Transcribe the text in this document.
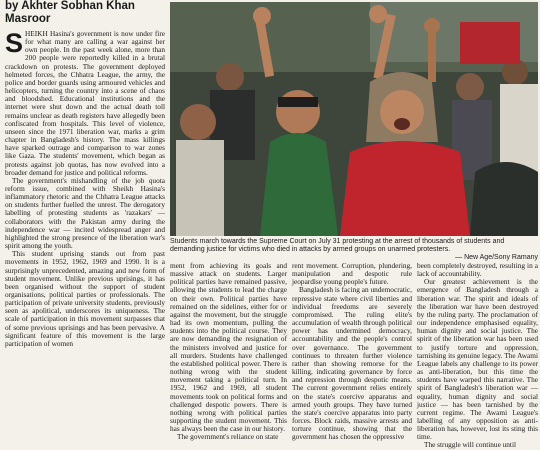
by Akhter Sobhan Khan Masroor

SHEIKH Hasina's government is now under fire for what many are calling a war against her own people. In the past week alone, more than 200 people were reportedly killed in a brutal crackdown on protests. The government deployed helmeted forces, the Chhatra League, the army, the police and border guards using armoured vehicles and helicopters, turning the country into a scene of chaos and bloodshed. Educational institutions and the internet were shut down and the actual death toll remains unclear as death registers have allegedly been confiscated from hospitals. This level of violence, unseen since the 1971 liberation war, marks a grim chapter in Bangladesh's history. The mass killings have sparked outrage and comparison to war zones like Gaza. The students' movement, which began as protests against job quotas, has now evolved into a broader demand for justice and political reforms.

The government's mishandling of the job quota reform issue, combined with Sheikh Hasina's inflammatory rhetoric and the Chhatra League attacks on students further fuelled the unrest. The derogatory labelling of protesting students as 'razakars' — collaborators with the Pakistan army during the independence war — incited widespread anger and highlighted the strong presence of the liberation war's spirit among the youth.

This student uprising stands out from past movements in 1952, 1962, 1969 and 1990. It is a surprisingly unprecedented, amazing and new form of student movement. Unlike previous uprisings, it has been organised without the support of student organisations, political parties or professionals. The participation of private university students, previously seen as apolitical, underscores its uniqueness. The scale of participation in this movement surpasses that of some previous uprisings and has been pervasive. A significant feature of this movement is the large participation of women

Students march towards the Supreme Court on July 31 protesting at the arrest of thousands of students and demanding justice for victims who died in attacks by armed groups on unarmed protesters.
— New Age/Sony Ramany

ment from achieving its goals and massive attack on students. Larger political parties have remained passive, allowing the students to lead the charge on their own. Political parties have remained on the sidelines, either for or against the movement, but the struggle had its own momentum, pulling the students into the political course. They are now demanding the resignation of the ministers involved and justice for all murders. Students have challenged the established political power. There is nothing wrong with the student movement taking a political turn. In 1952, 1962 and 1969, all student movements took on political forms and challenged despotic powers. There is nothing wrong with political parties supporting the student movement. This has always been the case in our history.

The government's reliance on state

rent movement. Corruption, plundering, manipulation and despotic rule jeopardise young people's future.

Bangladesh is facing an undemocratic, repressive state where civil liberties and individual freedoms are severely compromised. The ruling elite's accumulation of wealth through political power has undermined democracy, accountability and the people's control over governance. The government continues to threaten further violence rather than showing remorse for the killing, indicating governance by force and repression through despotic means. The current government relies entirely on the state's coercive apparatus and armed youth groups. They have turned the state's coercive apparatus into party forces. Block raids, massive arrests and torture continue, showing that the government has chosen the oppressive

been completely destroyed, resulting in a lack of accountability.

Our greatest achievement is the emergence of Bangladesh through a liberation war. The spirit and ideals of the liberation war have been destroyed by the ruling party. The proclamation of our independence emphasised equality, human dignity and social justice. The spirit of the liberation war has been used to justify torture and oppression, tarnishing its genuine legacy. The Awami League labels any challenge to its power as anti-liberation, but this time the students have warped this narrative. The spirit of Bangladesh's liberation war — equality, human dignity and social justice — has been tarnished by the current regime. The Awami League's labelling of any opposition as anti-liberation has, however, lost its sting this time.

The struggle will continue until
